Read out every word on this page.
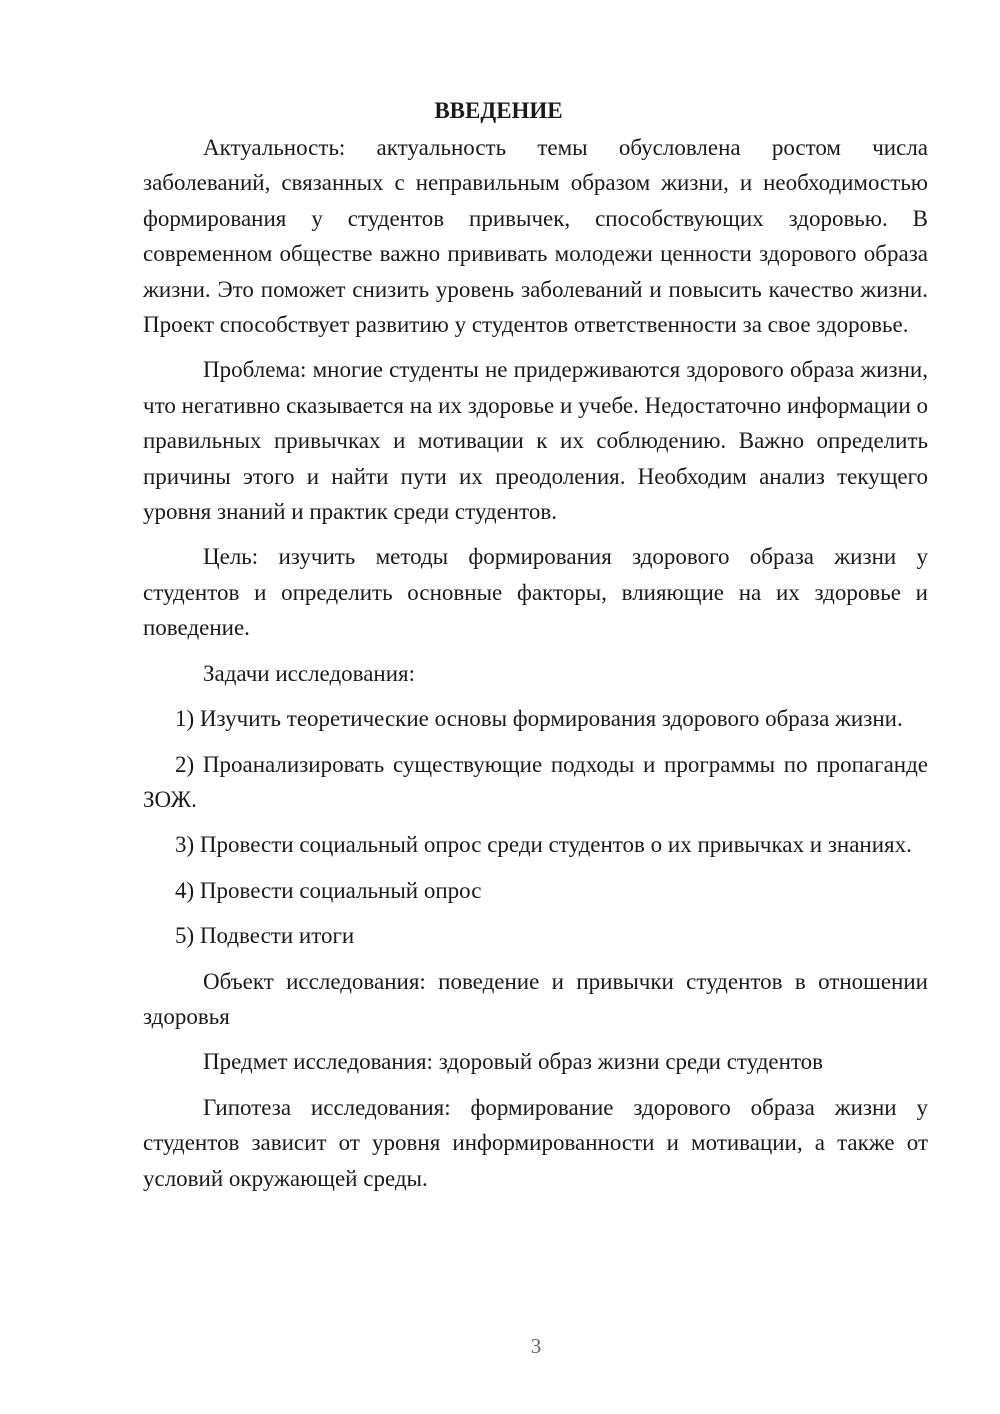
ВВЕДЕНИЕ

Актуальность: актуальность темы обусловлена ростом числа заболеваний, связанных с неправильным образом жизни, и необходимостью формирования у студентов привычек, способствующих здоровью. В современном обществе важно прививать молодежи ценности здорового образа жизни. Это поможет снизить уровень заболеваний и повысить качество жизни. Проект способствует развитию у студентов ответственности за свое здоровье.

Проблема: многие студенты не придерживаются здорового образа жизни, что негативно сказывается на их здоровье и учебе. Недостаточно информации о правильных привычках и мотивации к их соблюдению. Важно определить причины этого и найти пути их преодоления. Необходим анализ текущего уровня знаний и практик среди студентов.

Цель: изучить методы формирования здорового образа жизни у студентов и определить основные факторы, влияющие на их здоровье и поведение.

Задачи исследования:

1) Изучить теоретические основы формирования здорового образа жизни.

2) Проанализировать существующие подходы и программы по пропаганде ЗОЖ.

3) Провести социальный опрос среди студентов о их привычках и знаниях.

4) Провести социальный опрос

5) Подвести итоги

Объект исследования: поведение и привычки студентов в отношении здоровья

Предмет исследования: здоровый образ жизни среди студентов

Гипотеза исследования: формирование здорового образа жизни у студентов зависит от уровня информированности и мотивации, а также от условий окружающей среды.

3
